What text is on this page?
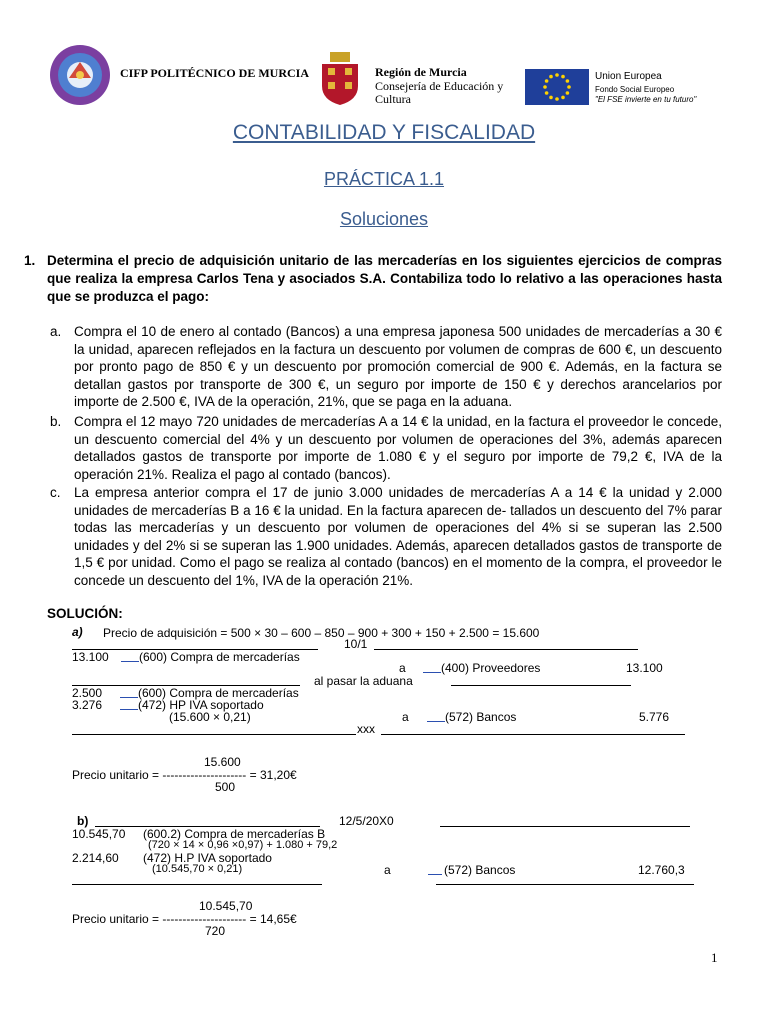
CIFP POLITÉCNICO DE MURCIA	Región de Murcia
Consejería de Educación y
Cultura
Union Europea
Fondo Social Europeo
"El FSE invierte en tu futuro"
CONTABILIDAD Y FISCALIDAD
PRÁCTICA 1.1
Soluciones
1. Determina el precio de adquisición unitario de las mercaderías en los siguientes ejercicios de compras que realiza la empresa Carlos Tena y asociados S.A. Contabiliza todo lo relativo a las operaciones hasta que se produzca el pago:
a. Compra el 10 de enero al contado (Bancos) a una empresa japonesa 500 unidades de mercaderías a 30 € la unidad, aparecen reflejados en la factura un descuento por volumen de compras de 600 €, un descuento por pronto pago de 850 € y un descuento por promoción comercial de 900 €. Además, en la factura se detallan gastos por transporte de 300 €, un seguro por importe de 150 € y derechos arancelarios por importe de 2.500 €, IVA de la operación, 21%, que se paga en la aduana.
b. Compra el 12 mayo 720 unidades de mercaderías A a 14 € la unidad, en la factura el proveedor le concede, un descuento comercial del 4% y un descuento por volumen de operaciones del 3%, además aparecen detallados gastos de transporte por importe de 1.080 € y el seguro por importe de 79,2 €, IVA de la operación 21%. Realiza el pago al contado (bancos).
c. La empresa anterior compra el 17 de junio 3.000 unidades de mercaderías A a 14 € la unidad y 2.000 unidades de mercaderías B a 16 € la unidad. En la factura aparecen de- tallados un descuento del 7% parar todas las mercaderías y un descuento por volumen de operaciones del 4% si se superan las 2.500 unidades y del 2% si se superan las 1.900 unidades. Además, aparecen detallados gastos de transporte de 1,5 € por unidad. Como el pago se realiza al contado (bancos) en el momento de la compra, el proveedor le concede un descuento del 1%, IVA de la operación 21%.
SOLUCIÓN:
a) Precio de adquisición = 500 × 30 – 600 – 850 – 900 + 300 + 150 + 2.500 = 15.600
10/1
13.100	(600) Compra de mercaderías
a	(400) Proveedores	13.100
al pasar la aduana
2.500	(600) Compra de mercaderías
3.276	(472) HP IVA soportado
(15.600 × 0,21)	a	(572) Bancos	5.776
xxx
15.600
Precio unitario = --------------------- = 31,20€
500
b)	12/5/20X0
10.545,70 (600.2) Compra de mercaderías B
(720 × 14 × 0,96 ×0,97) + 1.080 + 79,2
2.214,60 (472) H.P IVA soportado
(10.545,70 × 0,21)	a	(572) Bancos	12.760,3
10.545,70
Precio unitario = --------------------- = 14,65€
720
1
